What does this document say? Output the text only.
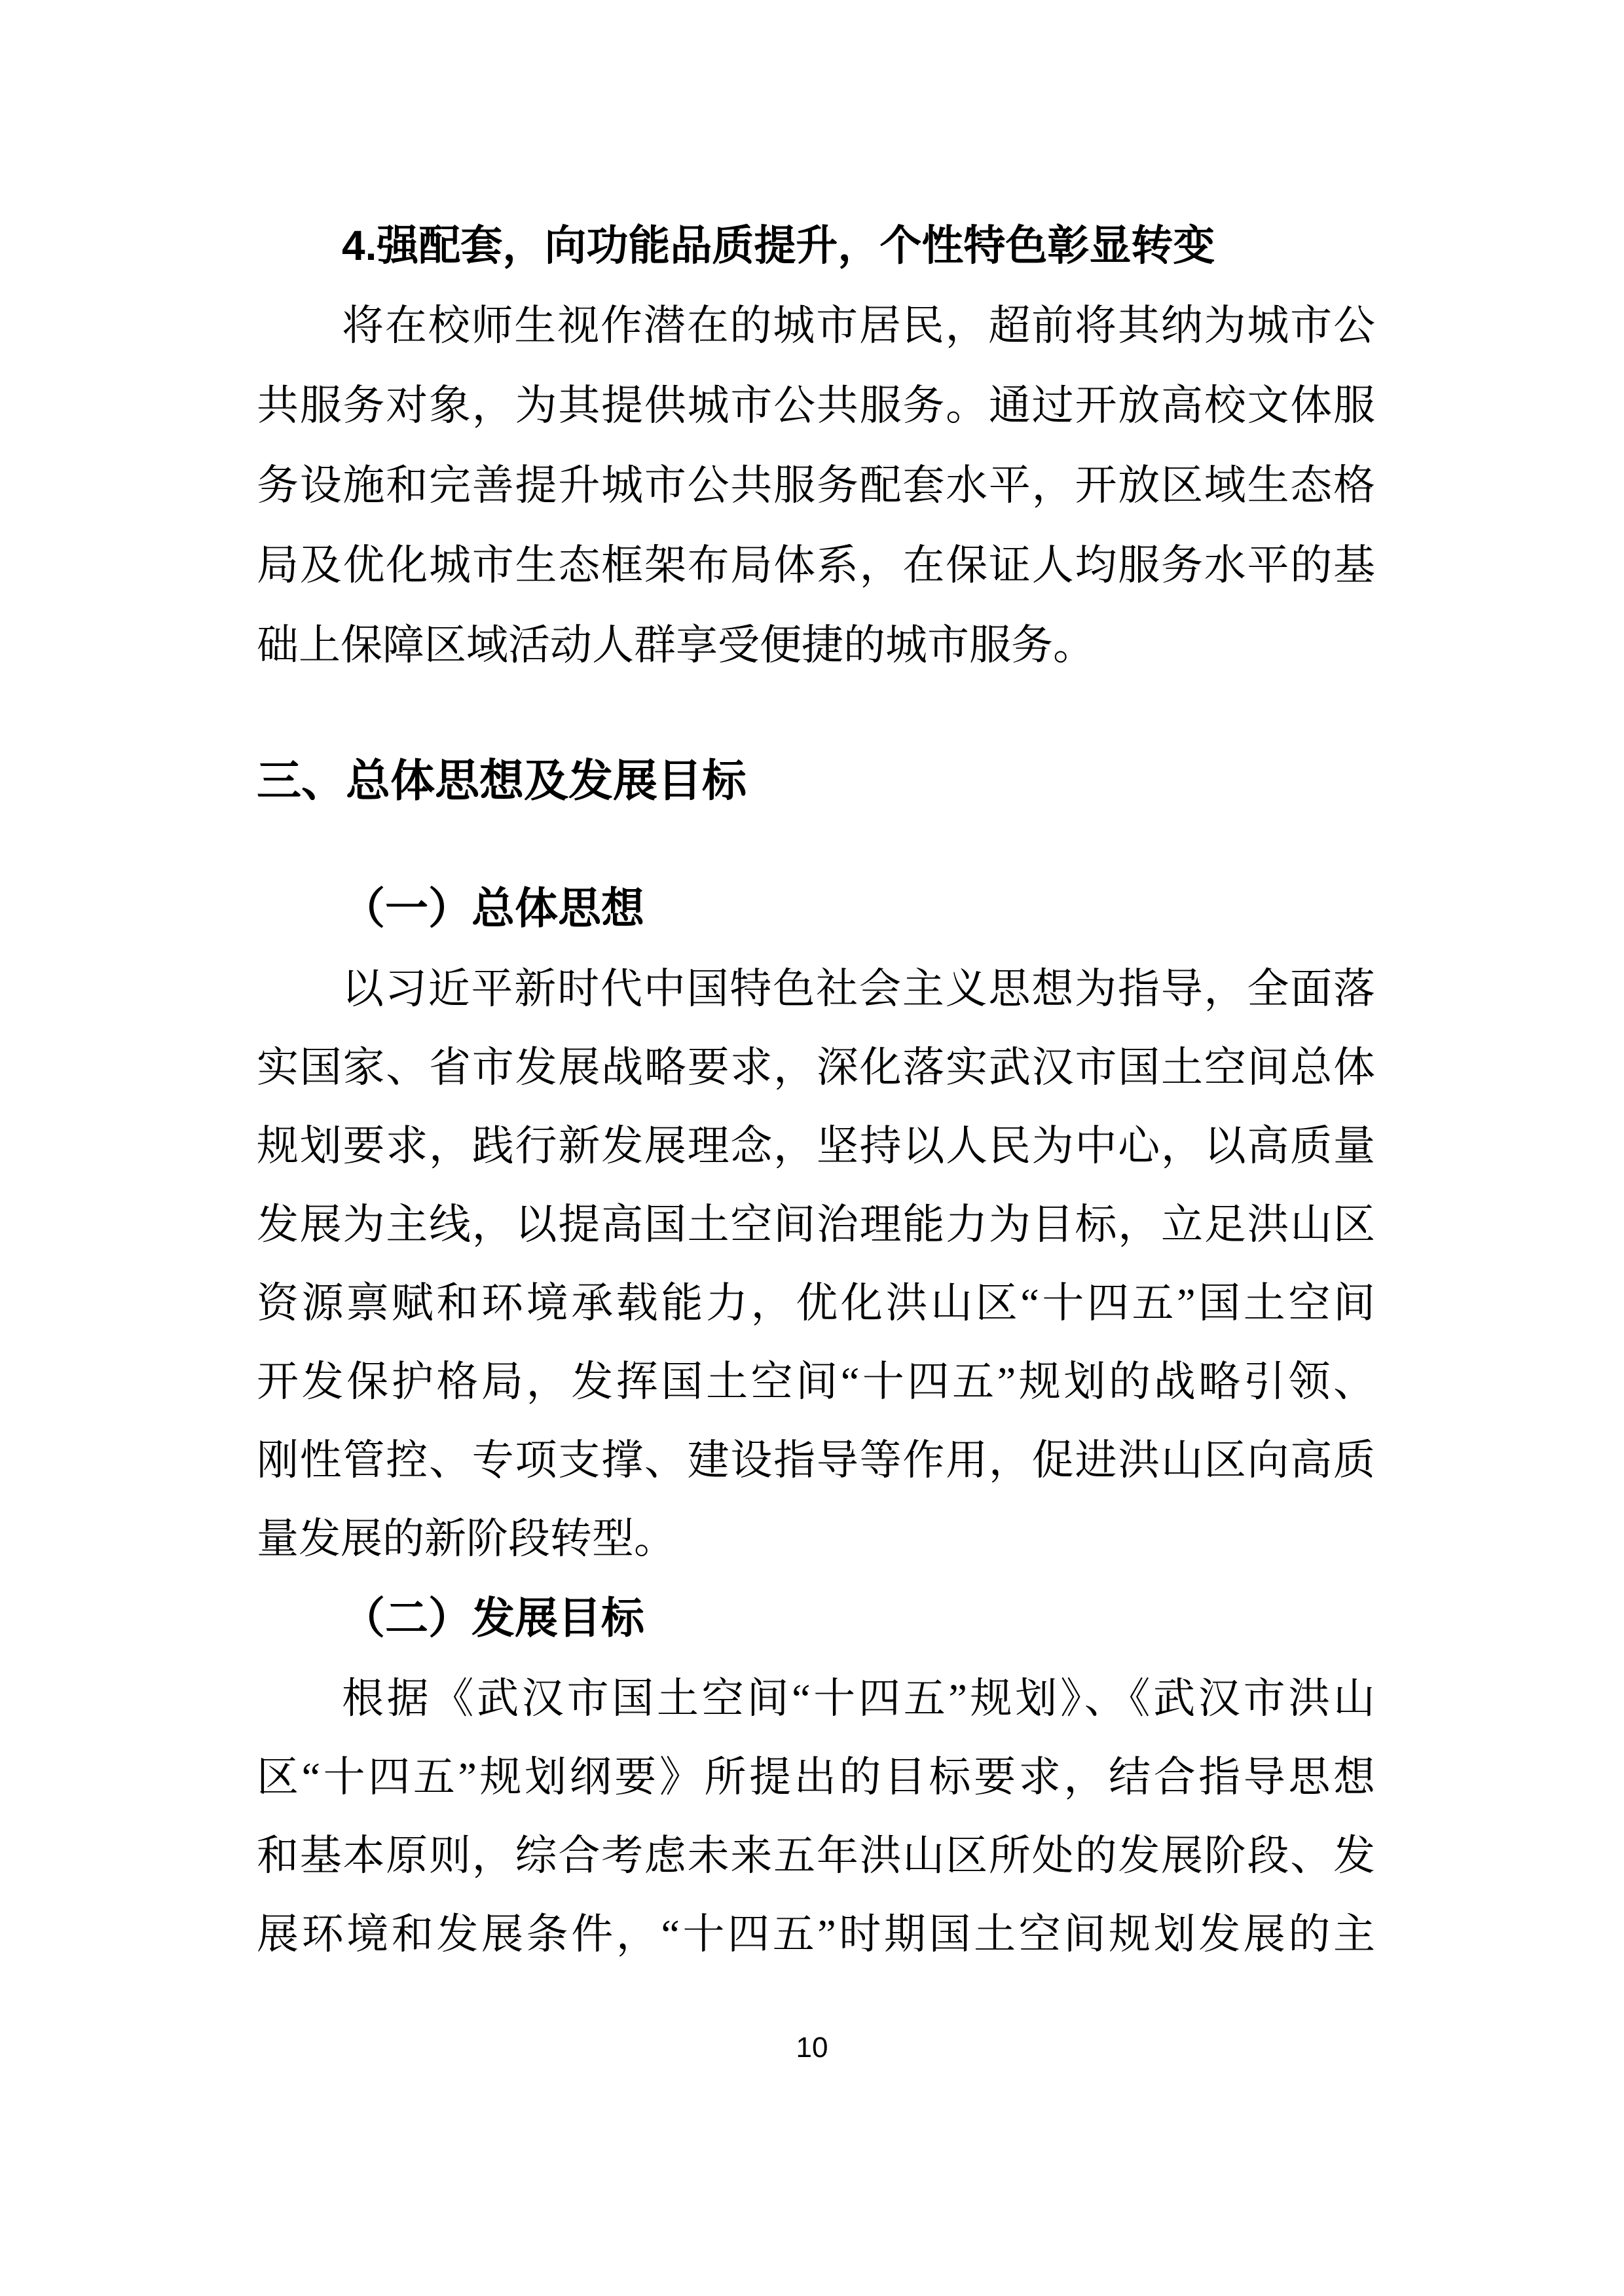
4.强配套，向功能品质提升，个性特色彰显转变
将在校师生视作潜在的城市居民，超前将其纳为城市公
共服务对象，为其提供城市公共服务。通过开放高校文体服
务设施和完善提升城市公共服务配套水平，开放区域生态格
局及优化城市生态框架布局体系，在保证人均服务水平的基
础上保障区域活动人群享受便捷的城市服务。
三、总体思想及发展目标
（一）总体思想
以习近平新时代中国特色社会主义思想为指导，全面落
实国家、省市发展战略要求，深化落实武汉市国土空间总体
规划要求，践行新发展理念，坚持以人民为中心，以高质量
发展为主线，以提高国土空间治理能力为目标，立足洪山区
资源禀赋和环境承载能力，优化洪山区“十四五”国土空间
开发保护格局，发挥国土空间“十四五”规划的战略引领、
刚性管控、专项支撑、建设指导等作用，促进洪山区向高质
量发展的新阶段转型。
（二）发展目标
根据《武汉市国土空间“十四五”规划》、《武汉市洪山
区“十四五”规划纲要》所提出的目标要求，结合指导思想
和基本原则，综合考虑未来五年洪山区所处的发展阶段、发
展环境和发展条件，“十四五”时期国土空间规划发展的主
10
